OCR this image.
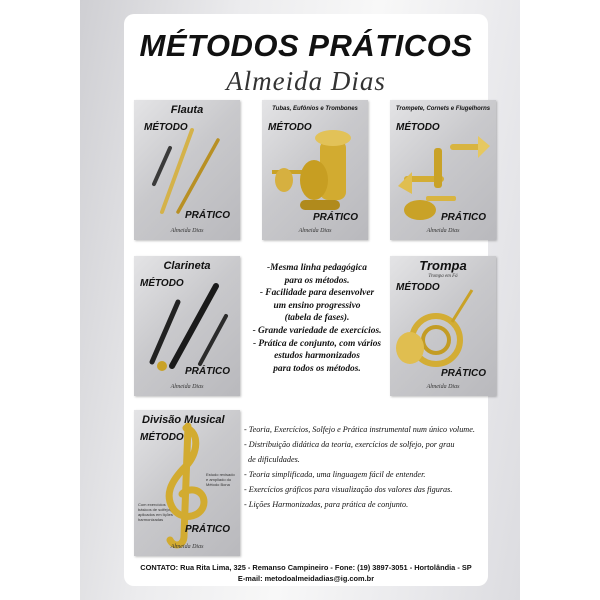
MÉTODOS PRÁTICOS
Almeida Dias
Flauta
MÉTODO
PRÁTICO
Almeida Dias
Tubas, Eufônios e Trombones
MÉTODO
PRÁTICO
Almeida Dias
Trompete, Cornets e Flugelhorns
MÉTODO
PRÁTICO
Almeida Dias
Clarineta
MÉTODO
PRÁTICO
Almeida Dias
Trompa
Trompa em Fá
MÉTODO
PRÁTICO
Almeida Dias
Divisão Musical
MÉTODO
Estudo revisado e ampliado do Método Bona
Com exercícios básicos de solfejo, aplicados em lições harmonizadas
PRÁTICO
Almeida Dias
-Mesma linha pedagógica
para os métodos.
- Facilidade para desenvolver
um ensino progressivo
(tabela de fases).
- Grande variedade de exercícios.
- Prática de conjunto, com vários
estudos harmonizados
para todos os métodos.
- Teoria, Exercícios, Solfejo e Prática instrumental num único volume.
- Distribuição didática da teoria, exercícios de solfejo, por grau
de dificuldades.
- Teoria simplificada, uma linguagem fácil de entender.
- Exercícios gráficos para visualização dos valores das figuras.
- Lições Harmonizadas, para prática de conjunto.
CONTATO: Rua Rita Lima, 325 - Remanso Campineiro - Fone: (19) 3897-3051 - Hortolândia - SP
E-mail: metodoalmeidadias@ig.com.br
